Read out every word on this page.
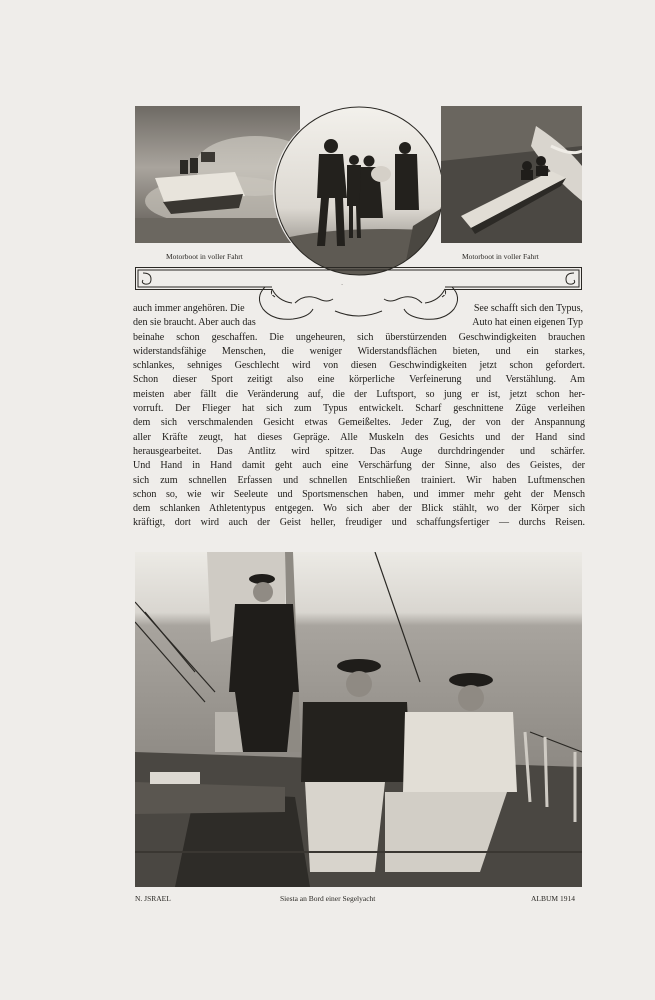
Motorboot in voller Fahrt	Motorboot in voller Fahrt
auch immer angehören. Die	See schafft sich den Typus,
den sie braucht. Aber auch das	Auto hat einen eigenen Typ
beinahe schon geschaffen. Die ungeheuren, sich überstürzenden Geschwindigkeiten brauchen
widerstandsfähige Menschen, die weniger Widerstandsflächen bieten, und ein starkes,
schlankes, sehniges Geschlecht wird von diesen Geschwindigkeiten jetzt schon gefordert.
Schon dieser Sport zeitigt also eine körperliche Verfeinerung und Verstählung. Am
meisten aber fällt die Veränderung auf, die der Luftsport, so jung er ist, jetzt schon her-
vorruft. Der Flieger hat sich zum Typus entwickelt. Scharf geschnittene Züge verleihen
dem sich verschmalenden Gesicht etwas Gemeißeltes. Jeder Zug, der von der Anspannung
aller Kräfte zeugt, hat dieses Gepräge. Alle Muskeln des Gesichts und der Hand sind
herausgearbeitet. Das Antlitz wird spitzer. Das Auge durchdringender und schärfer.
Und Hand in Hand damit geht auch eine Verschärfung der Sinne, also des Geistes, der
sich zum schnellen Erfassen und schnellen Entschließen trainiert. Wir haben Luftmenschen
schon so, wie wir Seeleute und Sportsmenschen haben, und immer mehr geht der Mensch
dem schlanken Athletentypus entgegen. Wo sich aber der Blick stählt, wo der Körper sich
kräftigt, dort wird auch der Geist heller, freudiger und schaffungsfertiger — durchs Reisen.
N. JSRAEL	Siesta an Bord einer Segelyacht	ALBUM 1914
